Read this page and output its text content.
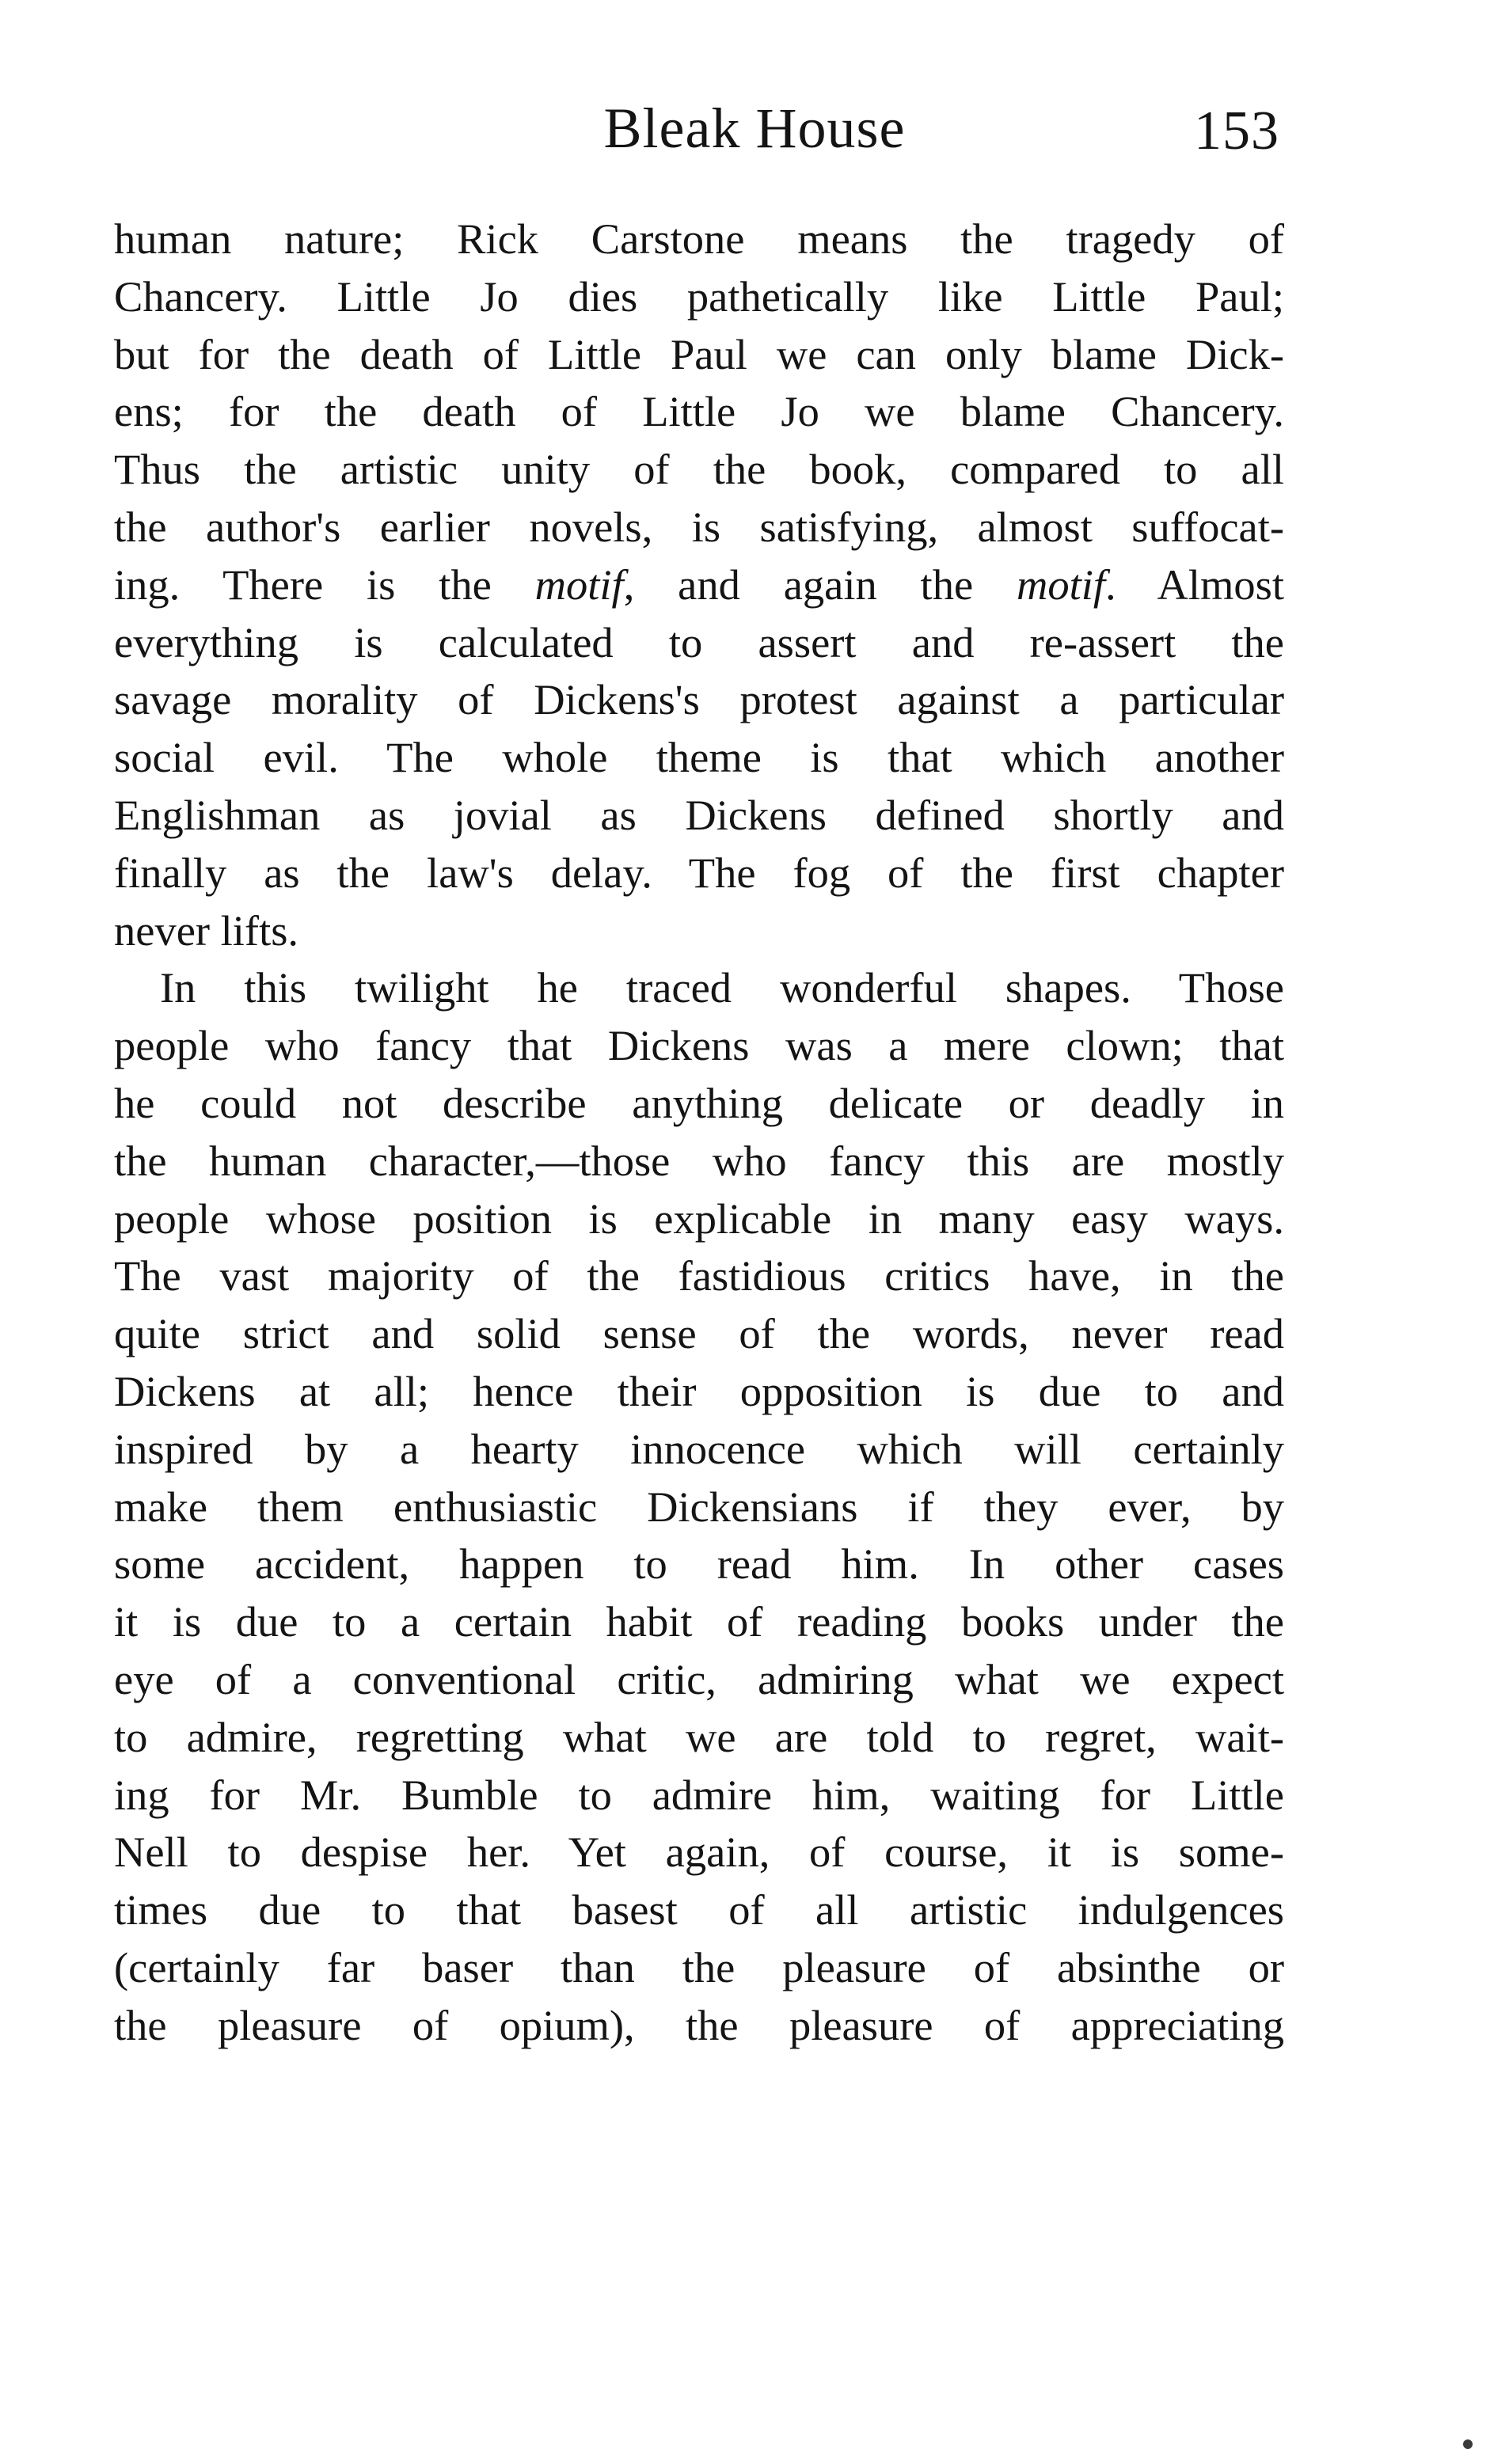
Bleak House	153
human nature; Rick Carstone means the tragedy of
Chancery. Little Jo dies pathetically like Little Paul;
but for the death of Little Paul we can only blame Dick-
ens; for the death of Little Jo we blame Chancery.
Thus the artistic unity of the book, compared to all
the author's earlier novels, is satisfying, almost suffocat-
ing. There is the motif, and again the motif. Almost
everything is calculated to assert and re-assert the
savage morality of Dickens's protest against a particular
social evil. The whole theme is that which another
Englishman as jovial as Dickens defined shortly and
finally as the law's delay. The fog of the first chapter
never lifts.
In this twilight he traced wonderful shapes. Those
people who fancy that Dickens was a mere clown; that
he could not describe anything delicate or deadly in
the human character,—those who fancy this are mostly
people whose position is explicable in many easy ways.
The vast majority of the fastidious critics have, in the
quite strict and solid sense of the words, never read
Dickens at all; hence their opposition is due to and
inspired by a hearty innocence which will certainly
make them enthusiastic Dickensians if they ever, by
some accident, happen to read him. In other cases
it is due to a certain habit of reading books under the
eye of a conventional critic, admiring what we expect
to admire, regretting what we are told to regret, wait-
ing for Mr. Bumble to admire him, waiting for Little
Nell to despise her. Yet again, of course, it is some-
times due to that basest of all artistic indulgences
(certainly far baser than the pleasure of absinthe or
the pleasure of opium), the pleasure of appreciating
